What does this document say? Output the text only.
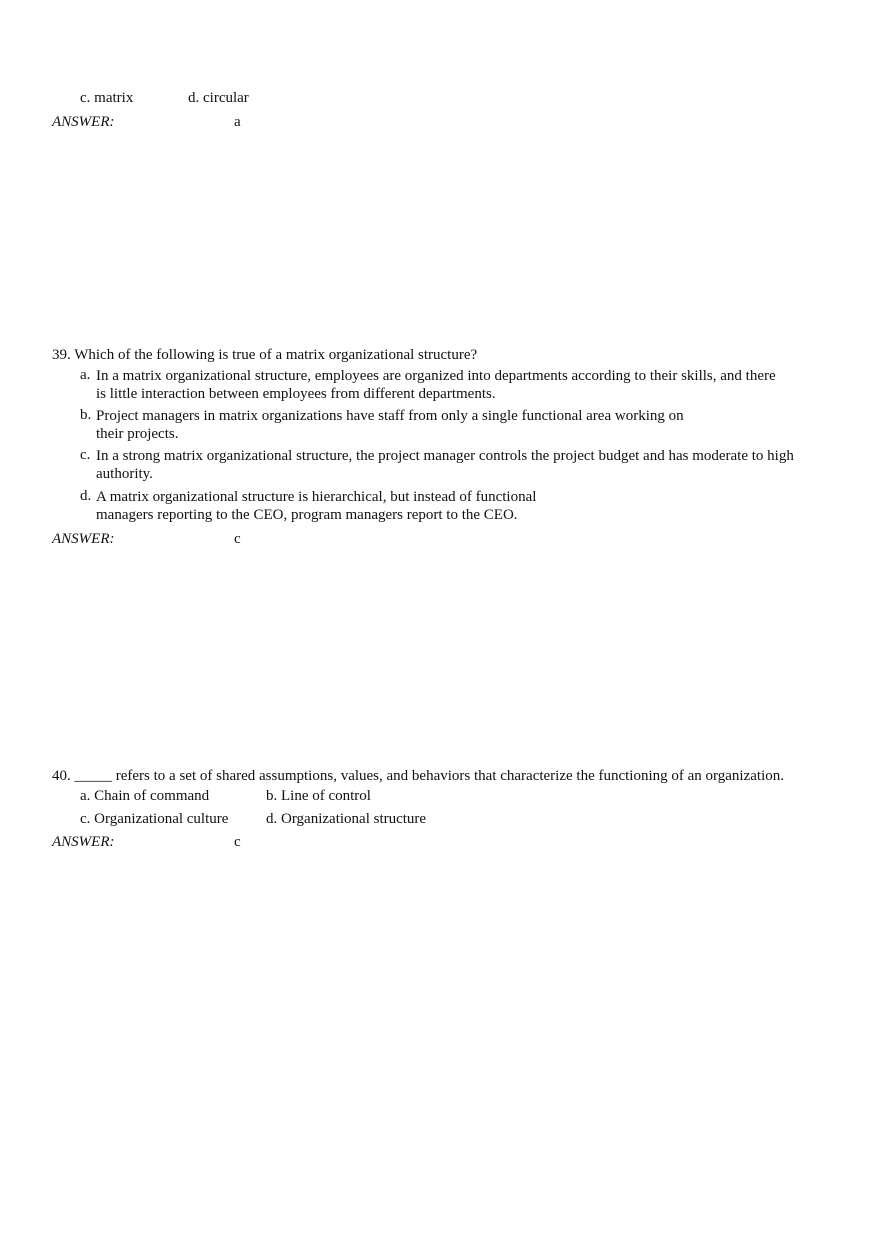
c. matrix	d. circular
ANSWER:	a
39. Which of the following is true of a matrix organizational structure?
a. In a matrix organizational structure, employees are organized into departments according to their skills, and there is little interaction between employees from different departments.
b. Project managers in matrix organizations have staff from only a single functional area working on their projects.
c. In a strong matrix organizational structure, the project manager controls the project budget and has moderate to high authority.
d. A matrix organizational structure is hierarchical, but instead of functional managers reporting to the CEO, program managers report to the CEO.
ANSWER:	c
40. _____ refers to a set of shared assumptions, values, and behaviors that characterize the functioning of an organization.
a. Chain of command	b. Line of control
c. Organizational culture	d. Organizational structure
ANSWER:	c
